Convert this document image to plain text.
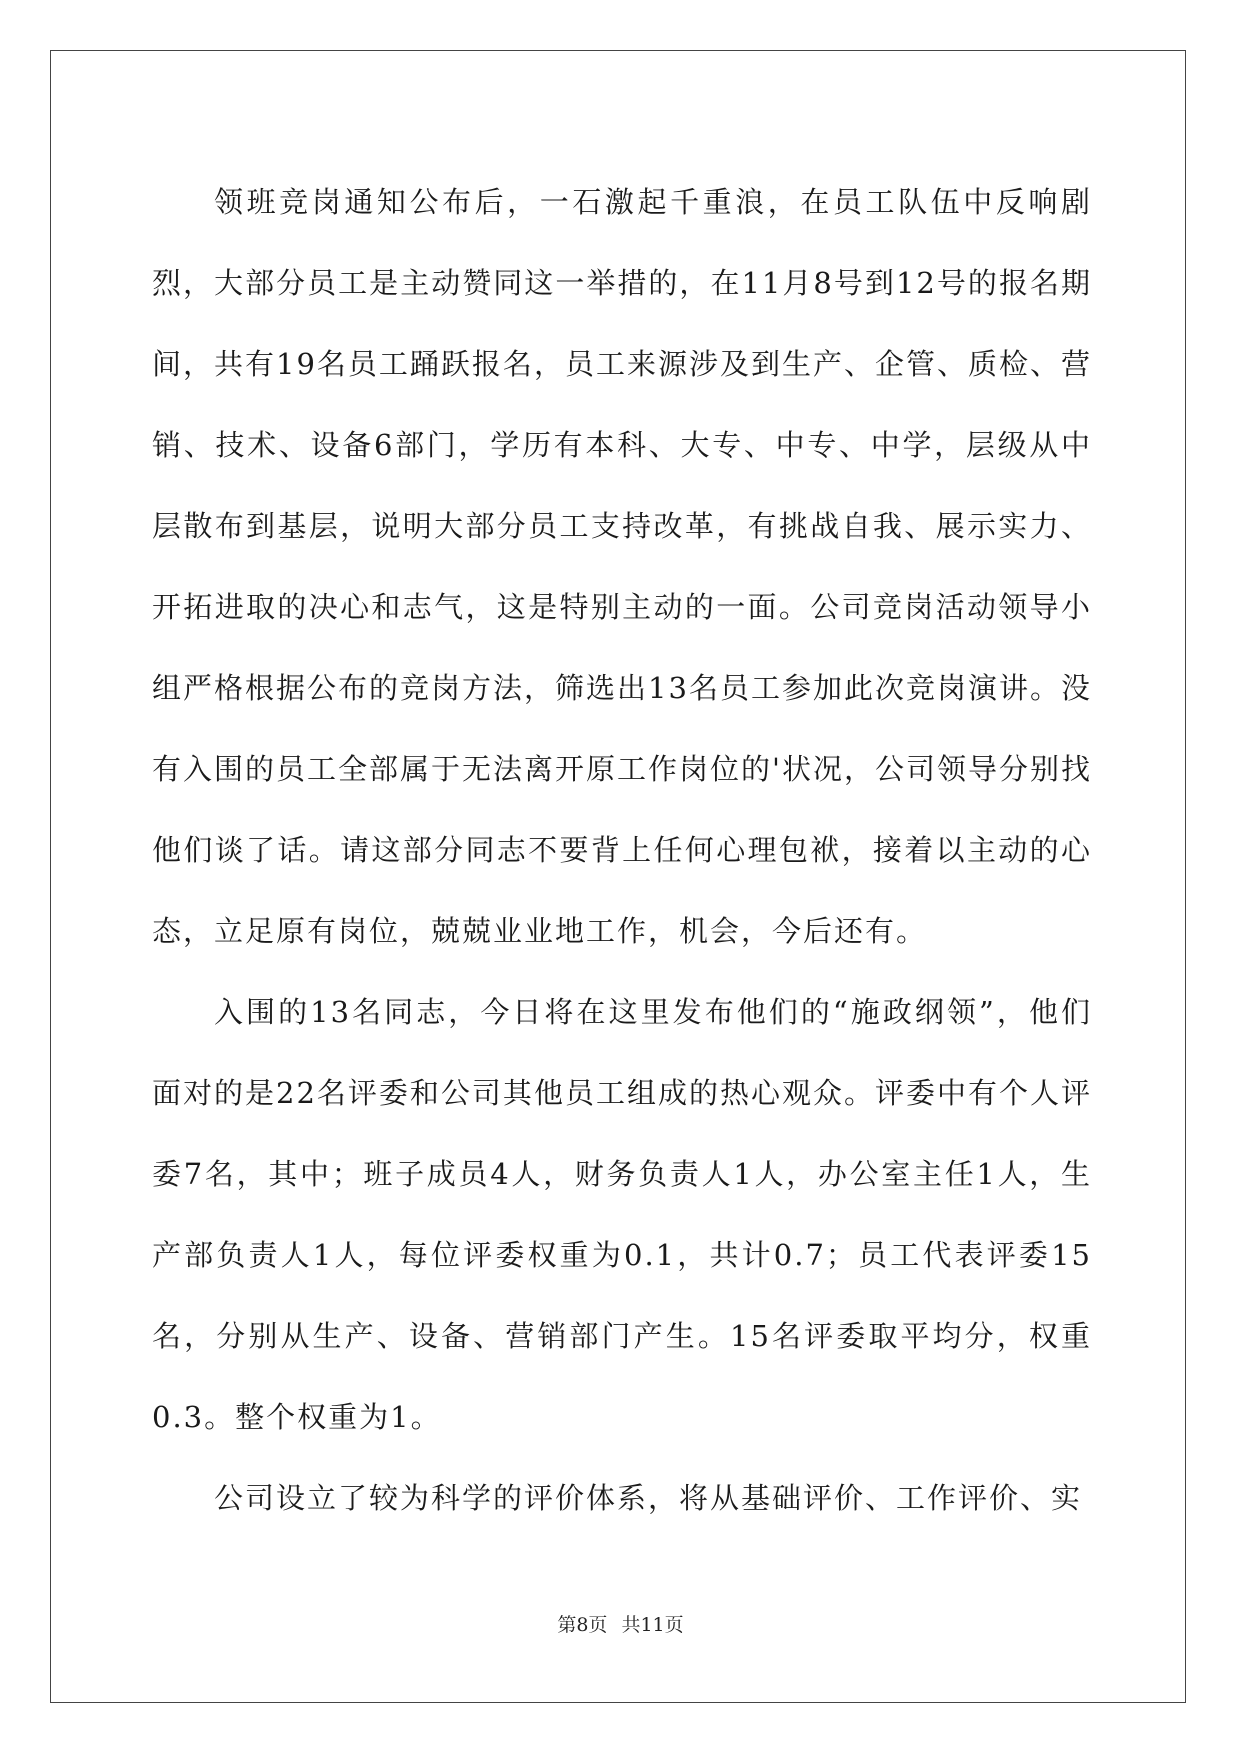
领班竞岗通知公布后，一石激起千重浪，在员工队伍中反响剧烈，大部分员工是主动赞同这一举措的，在11月8号到12号的报名期间，共有19名员工踊跃报名，员工来源涉及到生产、企管、质检、营销、技术、设备6部门，学历有本科、大专、中专、中学，层级从中层散布到基层，说明大部分员工支持改革，有挑战自我、展示实力、开拓进取的决心和志气，这是特别主动的一面。公司竞岗活动领导小组严格根据公布的竞岗方法，筛选出13名员工参加此次竞岗演讲。没有入围的员工全部属于无法离开原工作岗位的'状况，公司领导分别找他们谈了话。请这部分同志不要背上任何心理包袱，接着以主动的心态，立足原有岗位，兢兢业业地工作，机会，今后还有。

入围的13名同志，今日将在这里发布他们的“施政纲领”，他们面对的是22名评委和公司其他员工组成的热心观众。评委中有个人评委7名，其中；班子成员4人，财务负责人1人，办公室主任1人，生产部负责人1人，每位评委权重为0.1，共计0.7；员工代表评委15名，分别从生产、设备、营销部门产生。15名评委取平均分，权重0.3。整个权重为1。

公司设立了较为科学的评价体系，将从基础评价、工作评价、实

第8页 共11页
